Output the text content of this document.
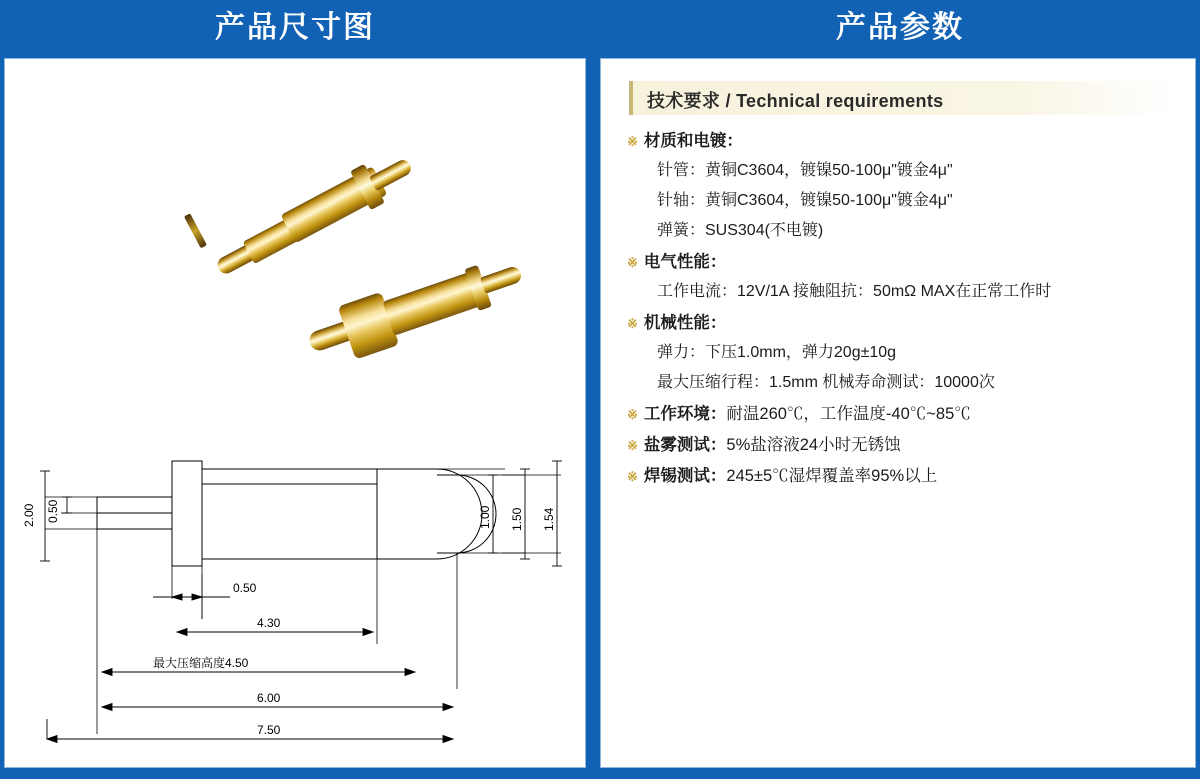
产品尺寸图	产品参数
2.00 0.50	1.00 1.50 1.54
0.50
4.30
最大压缩高度4.50
6.00
7.50
技术要求 / Technical requirements
※ 材质和电镀：
针管：黄铜C3604，镀镍50-100μ"镀金4μ"
针轴：黄铜C3604，镀镍50-100μ"镀金4μ"
弹簧：SUS304(不电镀)
※ 电气性能：
工作电流：12V/1A 接触阻抗：50mΩ MAX在正常工作时
※ 机械性能：
弹力：下压1.0mm，弹力20g±10g
最大压缩行程：1.5mm 机械寿命测试：10000次
※ 工作环境：耐温260℃，工作温度-40℃~85℃
※ 盐雾测试：5%盐溶液24小时无锈蚀
※ 焊锡测试：245±5℃湿焊覆盖率95%以上
